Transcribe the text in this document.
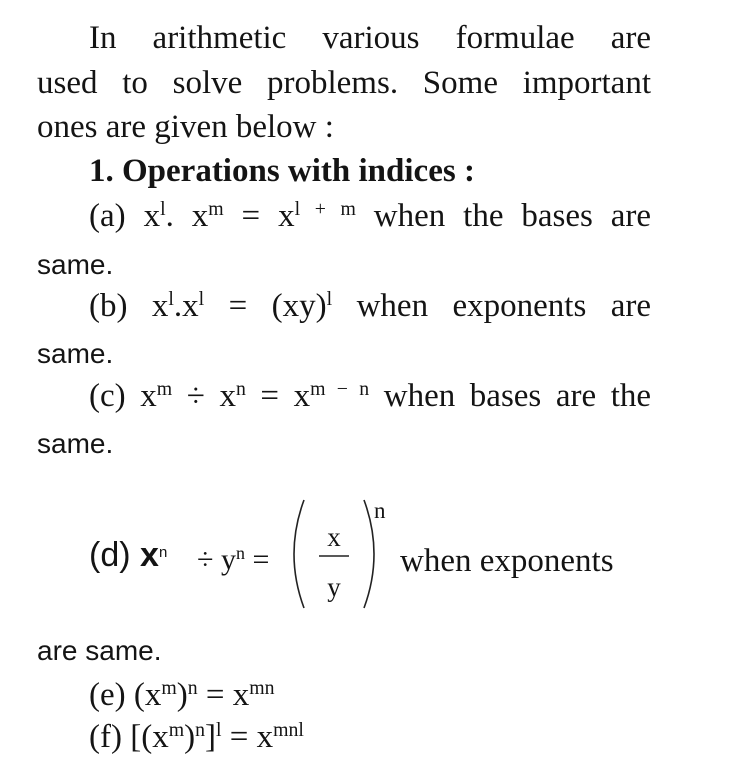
In arithmetic various formulae are
used to solve problems. Some important
ones are given below :
1. Operations with indices :
(a) $x^l$. $x^m = x^{l + m}$ when the bases are
same.
(b) $x^l.x^l = (xy)^l$ when exponents are
same.
(c) $x^m \div x^n = x^{m - n}$ when bases are the
same.
(d) $x^n \div y^n$ =
x
y
n
when exponents
are same.
(e) $(x^m)^n = x^{mn}$
(f) $[(x^m)^n]^l = x^{mnl}$
